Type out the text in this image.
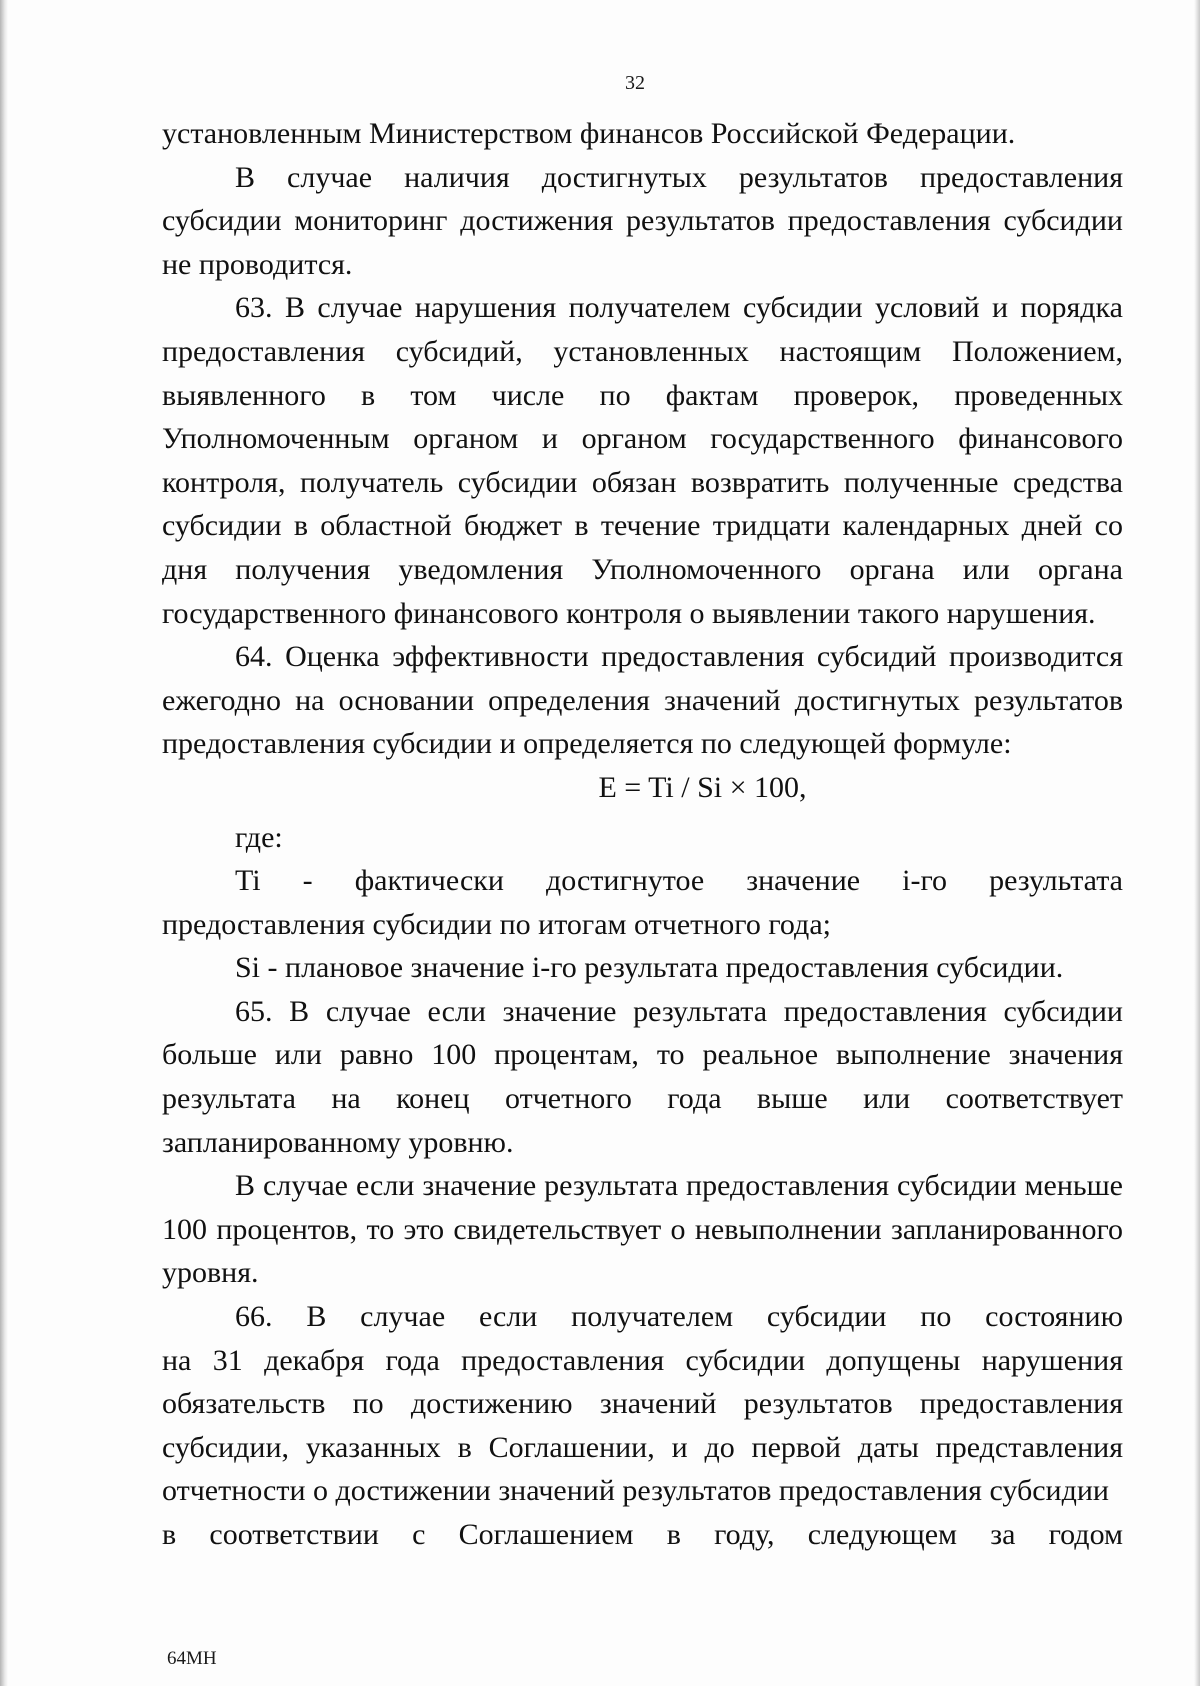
32

установленным Министерством финансов Российской Федерации.

В случае наличия достигнутых результатов предоставления субсидии мониторинг достижения результатов предоставления субсидии не проводится.

63. В случае нарушения получателем субсидии условий и порядка предоставления субсидий, установленных настоящим Положением, выявленного в том числе по фактам проверок, проведенных Уполномоченным органом и органом государственного финансового контроля, получатель субсидии обязан возвратить полученные средства субсидии в областной бюджет в течение тридцати календарных дней со дня получения уведомления Уполномоченного органа или органа государственного финансового контроля о выявлении такого нарушения.

64. Оценка эффективности предоставления субсидий производится ежегодно на основании определения значений достигнутых результатов предоставления субсидии и определяется по следующей формуле:

E = Ti / Si × 100,

где:

Ti - фактически достигнутое значение i-го результата предоставления субсидии по итогам отчетного года;

Si - плановое значение i-го результата предоставления субсидии.

65. В случае если значение результата предоставления субсидии больше или равно 100 процентам, то реальное выполнение значения результата на конец отчетного года выше или соответствует запланированному уровню.

В случае если значение результата предоставления субсидии меньше 100 процентов, то это свидетельствует о невыполнении запланированного уровня.

66. В случае если получателем субсидии по состоянию

на 31 декабря года предоставления субсидии допущены нарушения обязательств по достижению значений результатов предоставления субсидии, указанных в Соглашении, и до первой даты представления отчетности о достижении значений результатов предоставления субсидии

в соответствии с Соглашением в году, следующем за годом

64МН
